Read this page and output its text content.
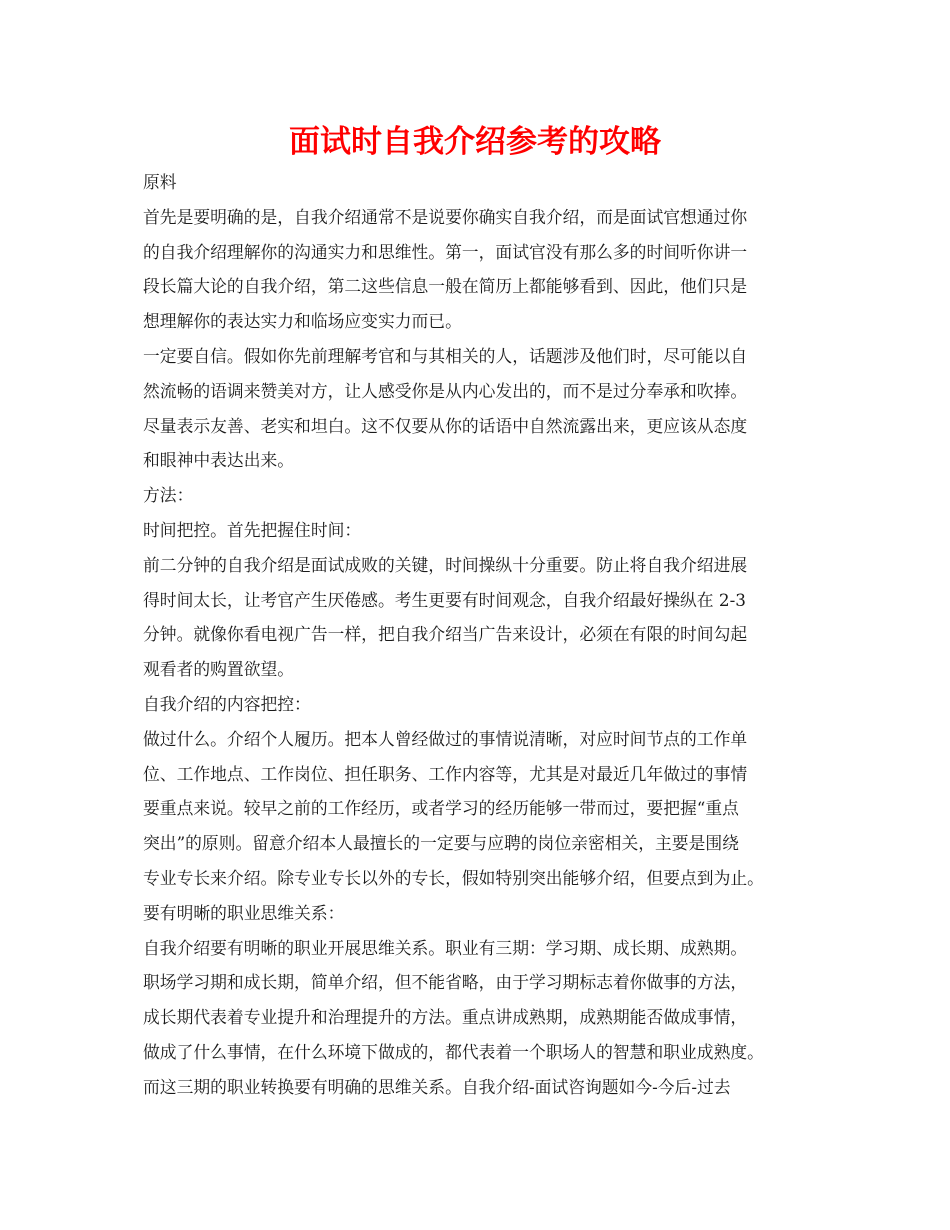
面试时自我介绍参考的攻略

原料

首先是要明确的是，自我介绍通常不是说要你确实自我介绍，而是面试官想通过你

的自我介绍理解你的沟通实力和思维性。第一，面试官没有那么多的时间听你讲一

段长篇大论的自我介绍，第二这些信息一般在简历上都能够看到、因此，他们只是

想理解你的表达实力和临场应变实力而已。

一定要自信。假如你先前理解考官和与其相关的人，话题涉及他们时，尽可能以自

然流畅的语调来赞美对方，让人感受你是从内心发出的，而不是过分奉承和吹捧。

尽量表示友善、老实和坦白。这不仅要从你的话语中自然流露出来，更应该从态度

和眼神中表达出来。

方法：

时间把控。首先把握住时间：

前二分钟的自我介绍是面试成败的关键，时间操纵十分重要。防止将自我介绍进展

得时间太长，让考官产生厌倦感。考生更要有时间观念，自我介绍最好操纵在 2-3

分钟。就像你看电视广告一样，把自我介绍当广告来设计，必须在有限的时间勾起

观看者的购置欲望。

自我介绍的内容把控：

做过什么。介绍个人履历。把本人曾经做过的事情说清晰，对应时间节点的工作单

位、工作地点、工作岗位、担任职务、工作内容等，尤其是对最近几年做过的事情

要重点来说。较早之前的工作经历，或者学习的经历能够一带而过，要把握“重点

突出”的原则。留意介绍本人最擅长的一定要与应聘的岗位亲密相关，主要是围绕

专业专长来介绍。除专业专长以外的专长，假如特别突出能够介绍，但要点到为止。

要有明晰的职业思维关系：

自我介绍要有明晰的职业开展思维关系。职业有三期：学习期、成长期、成熟期。

职场学习期和成长期，简单介绍，但不能省略，由于学习期标志着你做事的方法，

成长期代表着专业提升和治理提升的方法。重点讲成熟期，成熟期能否做成事情，

做成了什么事情，在什么环境下做成的，都代表着一个职场人的智慧和职业成熟度。

而这三期的职业转换要有明确的思维关系。自我介绍-面试咨询题如今-今后-过去
